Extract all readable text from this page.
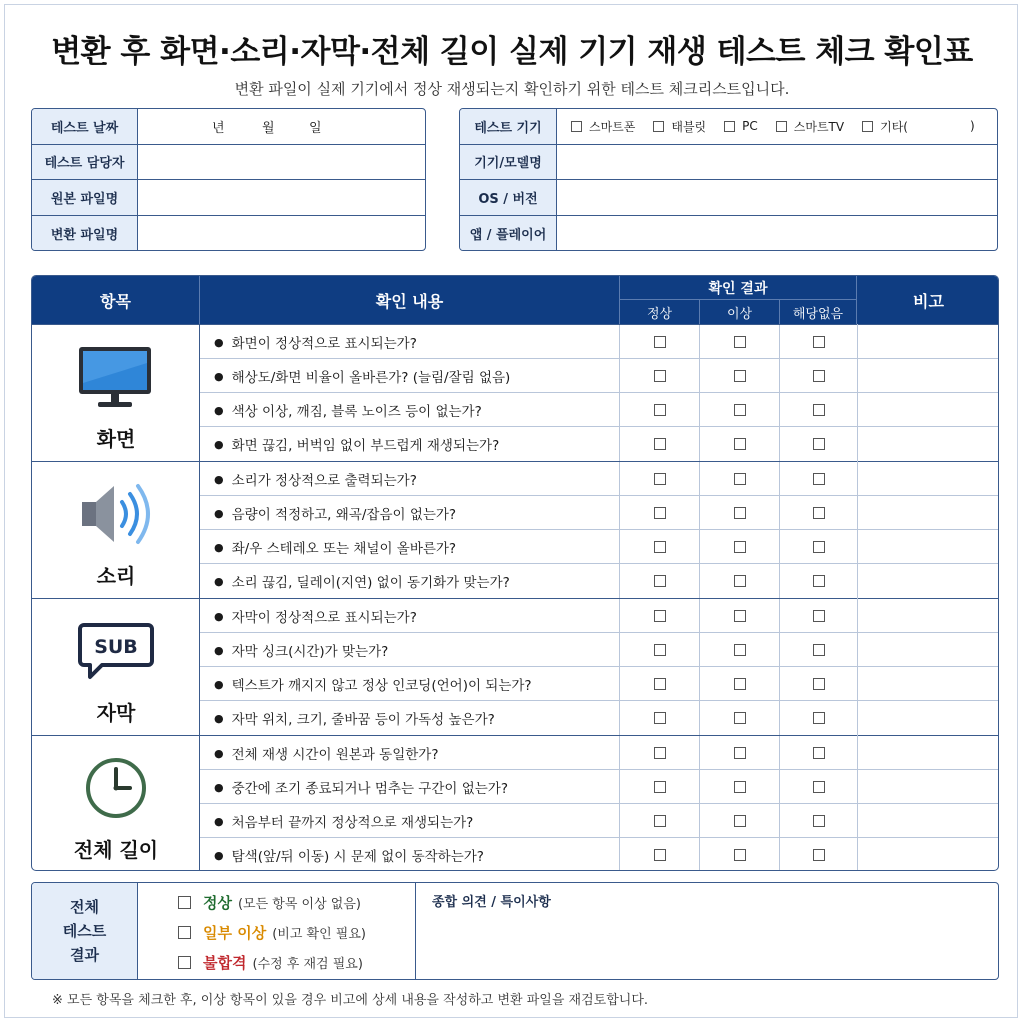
변환 후 화면·소리·자막·전체 길이 실제 기기 재생 테스트 체크 확인표
변환 파일이 실제 기기에서 정상 재생되는지 확인하기 위한 테스트 체크리스트입니다.
테스트 날짜	년	월	일
테스트 담당자
원본 파일명
변환 파일명
테스트 기기	스마트폰	태블릿	PC	스마트TV	기타(	)
기기/모델명
OS / 버전
앱 / 플레이어
항목	확인 내용
확인 결과
정상	이상	해당없음
비고
화면
● 화면이 정상적으로 표시되는가?
● 해상도/화면 비율이 올바른가? (늘림/잘림 없음)
● 색상 이상, 깨짐, 블록 노이즈 등이 없는가?
● 화면 끊김, 버벅임 없이 부드럽게 재생되는가?
소리
● 소리가 정상적으로 출력되는가?
● 음량이 적정하고, 왜곡/잡음이 없는가?
● 좌/우 스테레오 또는 채널이 올바른가?
● 소리 끊김, 딜레이(지연) 없이 동기화가 맞는가?
SUB
자막
● 자막이 정상적으로 표시되는가?
● 자막 싱크(시간)가 맞는가?
● 텍스트가 깨지지 않고 정상 인코딩(언어)이 되는가?
● 자막 위치, 크기, 줄바꿈 등이 가독성 높은가?
전체 길이
● 전체 재생 시간이 원본과 동일한가?
● 중간에 조기 종료되거나 멈추는 구간이 없는가?
● 처음부터 끝까지 정상적으로 재생되는가?
● 탐색(앞/뒤 이동) 시 문제 없이 동작하는가?
전체
테스트
결과
정상 (모든 항목 이상 없음)
일부 이상 (비고 확인 필요)
불합격 (수정 후 재검 필요)
종합 의견 / 특이사항
※ 모든 항목을 체크한 후, 이상 항목이 있을 경우 비고에 상세 내용을 작성하고 변환 파일을 재검토합니다.
